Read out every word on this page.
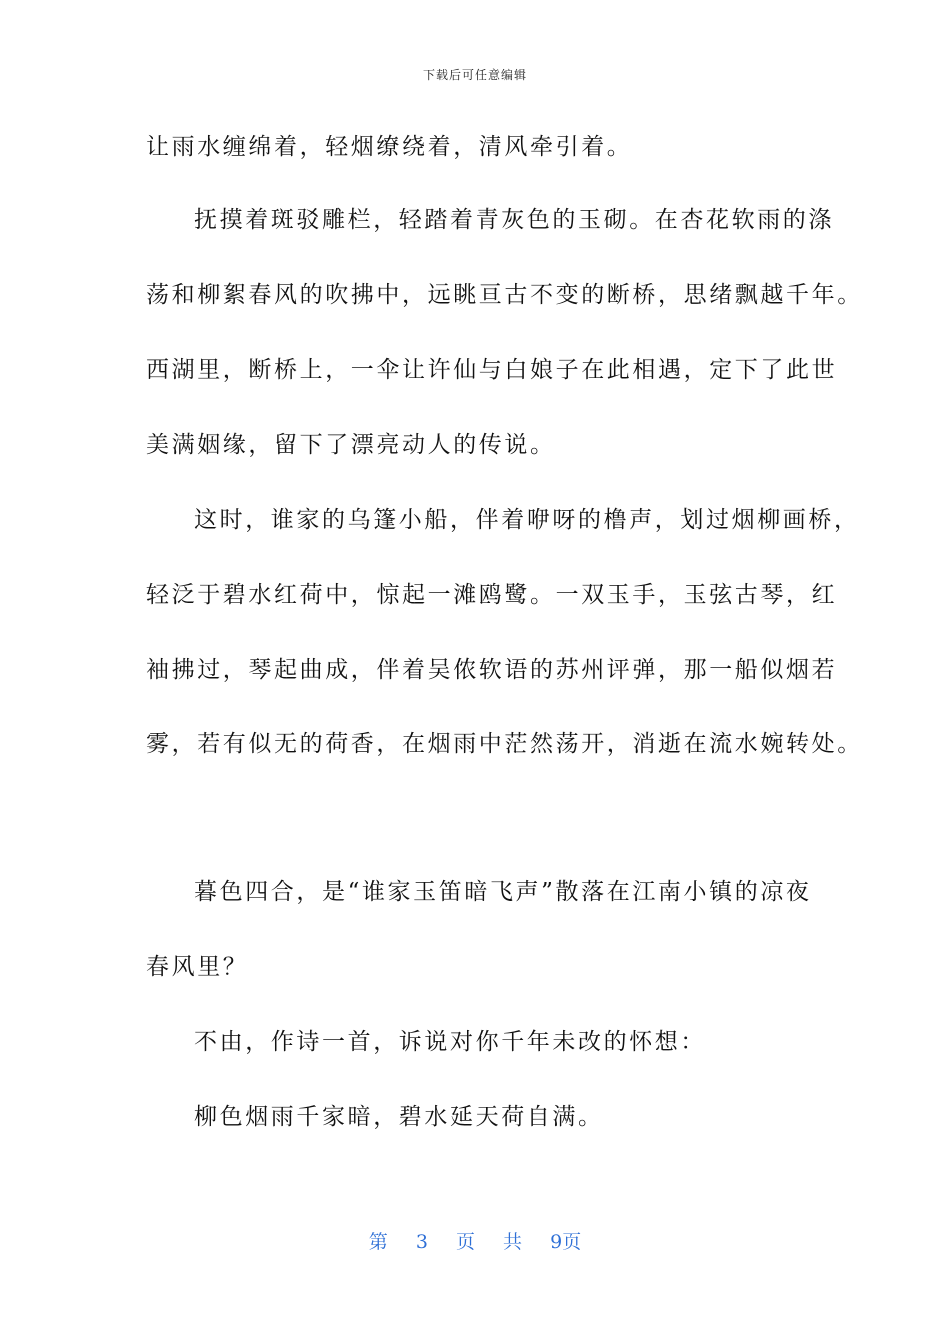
下载后可任意编辑
让雨水缠绵着，轻烟缭绕着，清风牵引着。
抚摸着斑驳雕栏，轻踏着青灰色的玉砌。在杏花软雨的涤
荡和柳絮春风的吹拂中，远眺亘古不变的断桥，思绪飘越千年。
西湖里，断桥上，一伞让许仙与白娘子在此相遇，定下了此世
美满姻缘，留下了漂亮动人的传说。
这时，谁家的乌篷小船，伴着咿呀的橹声，划过烟柳画桥，
轻泛于碧水红荷中，惊起一滩鸥鹭。一双玉手，玉弦古琴，红
袖拂过，琴起曲成，伴着吴侬软语的苏州评弹，那一船似烟若
雾，若有似无的荷香，在烟雨中茫然荡开，消逝在流水婉转处。
暮色四合，是“谁家玉笛暗飞声”散落在江南小镇的凉夜
春风里？
不由，作诗一首，诉说对你千年未改的怀想：
柳色烟雨千家暗，碧水延天荷自满。
第 3 页 共 9页
